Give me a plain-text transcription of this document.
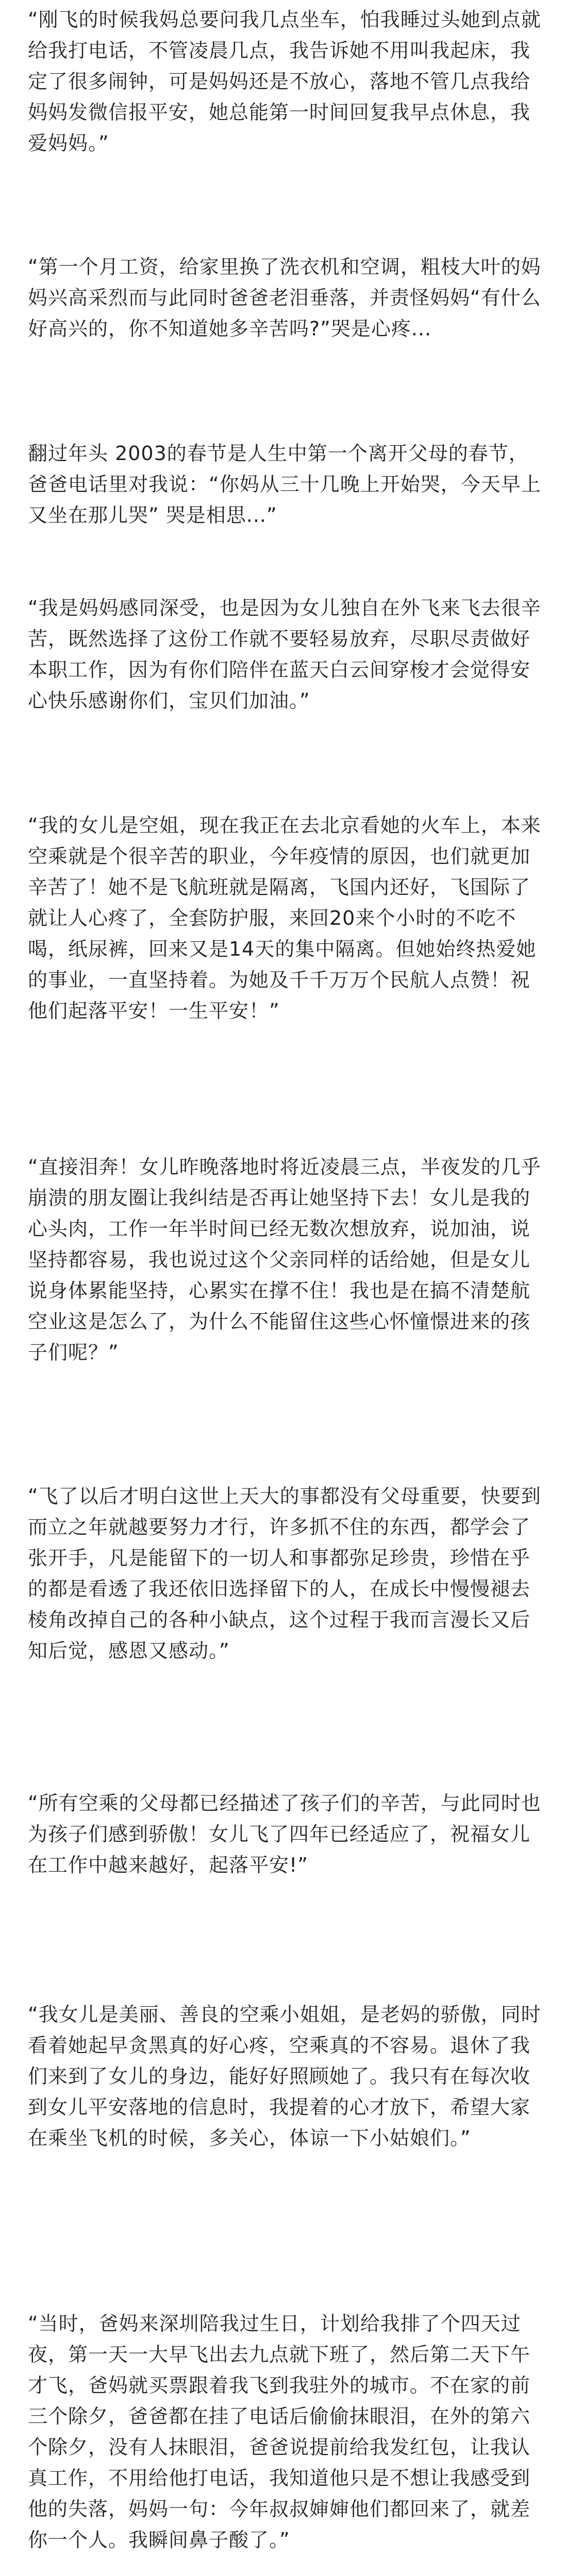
“刚飞的时候我妈总要问我几点坐车，怕我睡过头她到点就给我打电话，不管凌晨几点，我告诉她不用叫我起床，我定了很多闹钟，可是妈妈还是不放心，落地不管几点我给妈妈发微信报平安，她总能第一时间回复我早点休息，我爱妈妈。”

“第一个月工资，给家里换了洗衣机和空调，粗枝大叶的妈妈兴高采烈而与此同时爸爸老泪垂落，并责怪妈妈“有什么好高兴的，你不知道她多辛苦吗?”哭是心疼...

翻过年头 2003的春节是人生中第一个离开父母的春节，爸爸电话里对我说：“你妈从三十几晚上开始哭，今天早上又坐在那儿哭” 哭是相思...”

“我是妈妈感同深受，也是因为女儿独自在外飞来飞去很辛苦，既然选择了这份工作就不要轻易放弃，尽职尽责做好本职工作，因为有你们陪伴在蓝天白云间穿梭才会觉得安心快乐感谢你们，宝贝们加油。”

“我的女儿是空姐，现在我正在去北京看她的火车上，本来空乘就是个很辛苦的职业，今年疫情的原因，也们就更加辛苦了！她不是飞航班就是隔离，飞国内还好，飞国际了就让人心疼了，全套防护服，来回20来个小时的不吃不喝，纸尿裤，回来又是14天的集中隔离。但她始终热爱她的事业，一直坚持着。为她及千千万万个民航人点赞！祝他们起落平安！一生平安！”

“直接泪奔！女儿昨晚落地时将近凌晨三点，半夜发的几乎崩溃的朋友圈让我纠结是否再让她坚持下去！女儿是我的心头肉，工作一年半时间已经无数次想放弃，说加油，说坚持都容易，我也说过这个父亲同样的话给她，但是女儿说身体累能坚持，心累实在撑不住！我也是在搞不清楚航空业这是怎么了，为什么不能留住这些心怀憧憬进来的孩子们呢？”

“飞了以后才明白这世上天大的事都没有父母重要，快要到而立之年就越要努力才行，许多抓不住的东西，都学会了张开手，凡是能留下的一切人和事都弥足珍贵，珍惜在乎的都是看透了我还依旧选择留下的人，在成长中慢慢褪去棱角改掉自己的各种小缺点，这个过程于我而言漫长又后知后觉，感恩又感动。”

“所有空乘的父母都已经描述了孩子们的辛苦，与此同时也为孩子们感到骄傲！女儿飞了四年已经适应了，祝福女儿在工作中越来越好，起落平安!”

“我女儿是美丽、善良的空乘小姐姐，是老妈的骄傲，同时看着她起早贪黑真的好心疼，空乘真的不容易。退休了我们来到了女儿的身边，能好好照顾她了。我只有在每次收到女儿平安落地的信息时，我提着的心才放下，希望大家在乘坐飞机的时候，多关心，体谅一下小姑娘们。”

“当时，爸妈来深圳陪我过生日，计划给我排了个四天过夜，第一天一大早飞出去九点就下班了，然后第二天下午才飞，爸妈就买票跟着我飞到我驻外的城市。不在家的前三个除夕，爸爸都在挂了电话后偷偷抹眼泪，在外的第六个除夕，没有人抹眼泪，爸爸说提前给我发红包，让我认真工作，不用给他打电话，我知道他只是不想让我感受到他的失落，妈妈一句：今年叔叔婶婶他们都回来了，就差你一个人。我瞬间鼻子酸了。”
